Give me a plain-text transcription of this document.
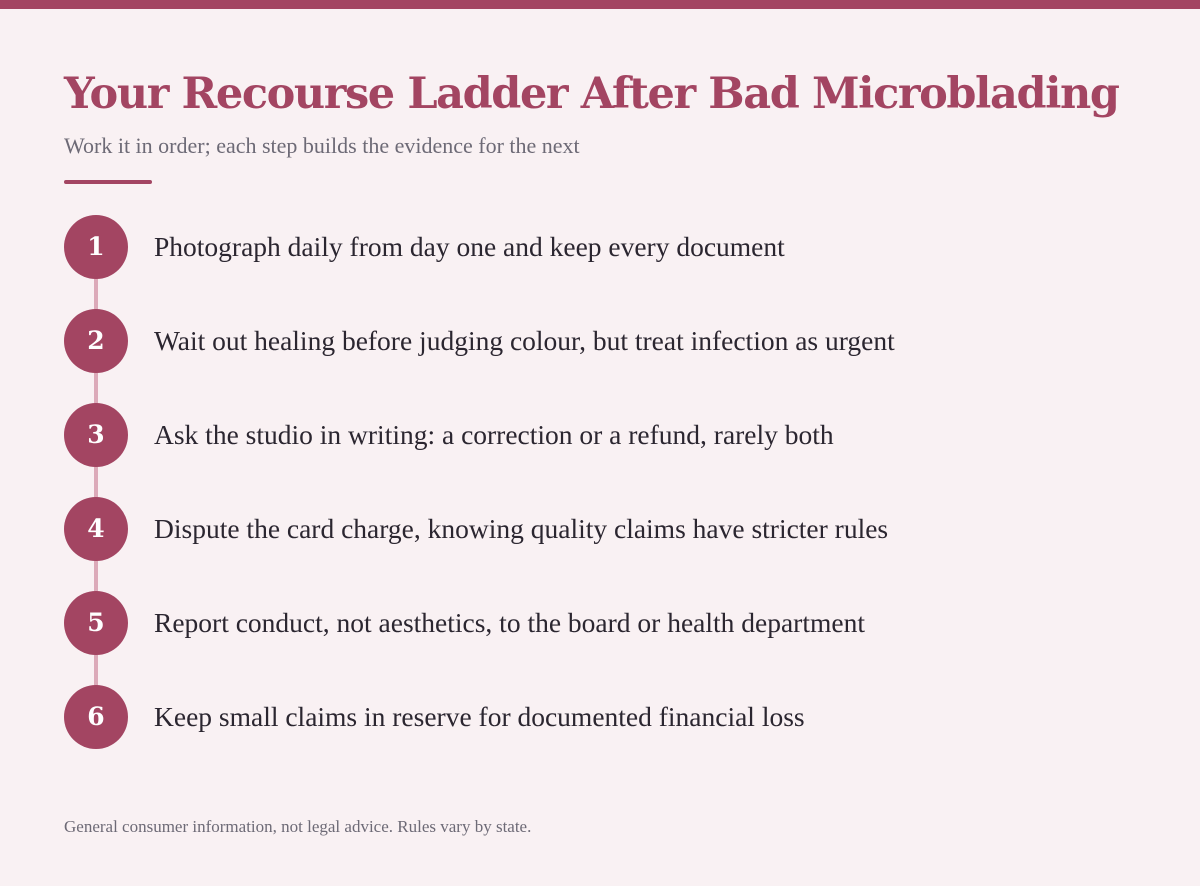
Your Recourse Ladder After Bad Microblading

Work it in order; each step builds the evidence for the next

1	Photograph daily from day one and keep every document
2	Wait out healing before judging colour, but treat infection as urgent
3	Ask the studio in writing: a correction or a refund, rarely both
4	Dispute the card charge, knowing quality claims have stricter rules
5	Report conduct, not aesthetics, to the board or health department
6	Keep small claims in reserve for documented financial loss

General consumer information, not legal advice. Rules vary by state.
